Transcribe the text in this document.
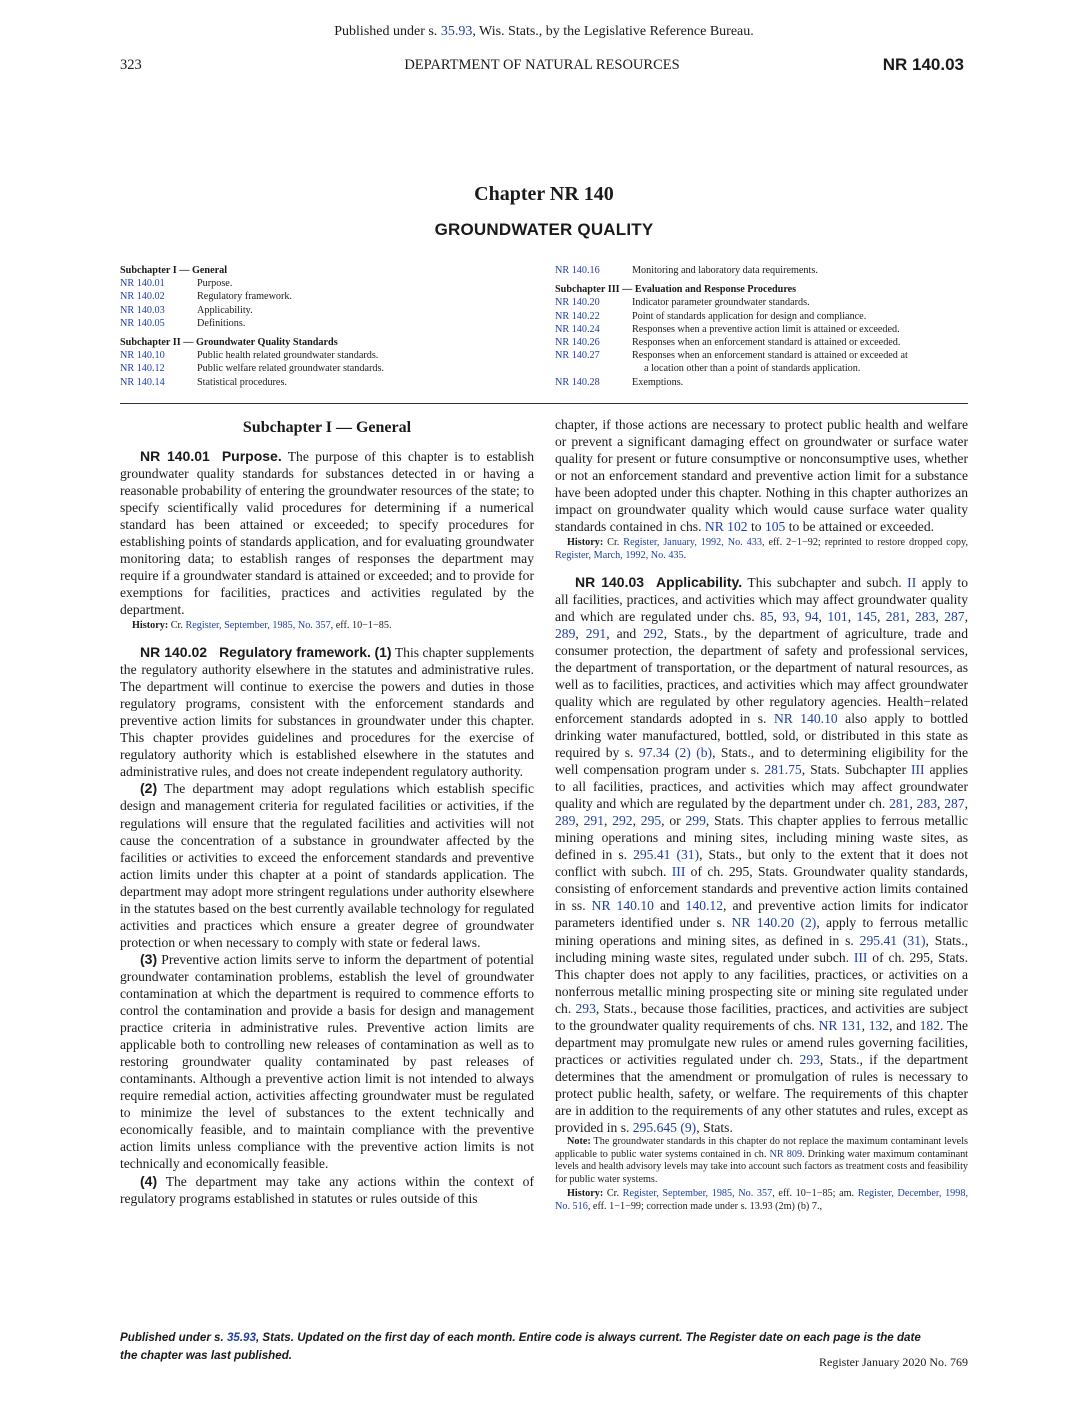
Published under s. 35.93, Wis. Stats., by the Legislative Reference Bureau.
323	DEPARTMENT OF NATURAL RESOURCES	NR 140.03
Chapter NR 140
GROUNDWATER QUALITY
Subchapter I — General
NR 140.01	Purpose.
NR 140.02	Regulatory framework.
NR 140.03	Applicability.
NR 140.05	Definitions.
Subchapter II — Groundwater Quality Standards
NR 140.10	Public health related groundwater standards.
NR 140.12	Public welfare related groundwater standards.
NR 140.14	Statistical procedures.
NR 140.16	Monitoring and laboratory data requirements.
Subchapter III — Evaluation and Response Procedures
NR 140.20	Indicator parameter groundwater standards.
NR 140.22	Point of standards application for design and compliance.
NR 140.24	Responses when a preventive action limit is attained or exceeded.
NR 140.26	Responses when an enforcement standard is attained or exceeded.
NR 140.27	Responses when an enforcement standard is attained or exceeded at
a location other than a point of standards application.
NR 140.28	Exemptions.
Subchapter I — General

NR 140.01 Purpose. The purpose of this chapter is to establish groundwater quality standards for substances detected in or having a reasonable probability of entering the groundwater resources of the state; to specify scientifically valid procedures for determining if a numerical standard has been attained or exceeded; to specify procedures for establishing points of standards application, and for evaluating groundwater monitoring data; to establish ranges of responses the department may require if a groundwater standard is attained or exceeded; and to provide for exemptions for facilities, practices and activities regulated by the department.

History: Cr. Register, September, 1985, No. 357, eff. 10−1−85.

NR 140.02 Regulatory framework. (1) This chapter supplements the regulatory authority elsewhere in the statutes and administrative rules. The department will continue to exercise the powers and duties in those regulatory programs, consistent with the enforcement standards and preventive action limits for substances in groundwater under this chapter. This chapter provides guidelines and procedures for the exercise of regulatory authority which is established elsewhere in the statutes and administrative rules, and does not create independent regulatory authority.

(2) The department may adopt regulations which establish specific design and management criteria for regulated facilities or activities, if the regulations will ensure that the regulated facilities and activities will not cause the concentration of a substance in groundwater affected by the facilities or activities to exceed the enforcement standards and preventive action limits under this chapter at a point of standards application. The department may adopt more stringent regulations under authority elsewhere in the statutes based on the best currently available technology for regulated activities and practices which ensure a greater degree of groundwater protection or when necessary to comply with state or federal laws.

(3) Preventive action limits serve to inform the department of potential groundwater contamination problems, establish the level of groundwater contamination at which the department is required to commence efforts to control the contamination and provide a basis for design and management practice criteria in administrative rules. Preventive action limits are applicable both to controlling new releases of contamination as well as to restoring groundwater quality contaminated by past releases of contaminants. Although a preventive action limit is not intended to always require remedial action, activities affecting groundwater must be regulated to minimize the level of substances to the extent technically and economically feasible, and to maintain compliance with the preventive action limits unless compliance with the preventive action limits is not technically and economically feasible.

(4) The department may take any actions within the context of regulatory programs established in statutes or rules outside of this

chapter, if those actions are necessary to protect public health and welfare or prevent a significant damaging effect on groundwater or surface water quality for present or future consumptive or nonconsumptive uses, whether or not an enforcement standard and preventive action limit for a substance have been adopted under this chapter. Nothing in this chapter authorizes an impact on groundwater quality which would cause surface water quality standards contained in chs. NR 102 to 105 to be attained or exceeded.

History: Cr. Register, January, 1992, No. 433, eff. 2−1−92; reprinted to restore dropped copy, Register, March, 1992, No. 435.

NR 140.03 Applicability. This subchapter and subch. II apply to all facilities, practices, and activities which may affect groundwater quality and which are regulated under chs. 85, 93, 94, 101, 145, 281, 283, 287, 289, 291, and 292, Stats., by the department of agriculture, trade and consumer protection, the department of safety and professional services, the department of transportation, or the department of natural resources, as well as to facilities, practices, and activities which may affect groundwater quality which are regulated by other regulatory agencies. Health−related enforcement standards adopted in s. NR 140.10 also apply to bottled drinking water manufactured, bottled, sold, or distributed in this state as required by s. 97.34 (2) (b), Stats., and to determining eligibility for the well compensation program under s. 281.75, Stats. Subchapter III applies to all facilities, practices, and activities which may affect groundwater quality and which are regulated by the department under ch. 281, 283, 287, 289, 291, 292, 295, or 299, Stats. This chapter applies to ferrous metallic mining operations and mining sites, including mining waste sites, as defined in s. 295.41 (31), Stats., but only to the extent that it does not conflict with subch. III of ch. 295, Stats. Groundwater quality standards, consisting of enforcement standards and preventive action limits contained in ss. NR 140.10 and 140.12, and preventive action limits for indicator parameters identified under s. NR 140.20 (2), apply to ferrous metallic mining operations and mining sites, as defined in s. 295.41 (31), Stats., including mining waste sites, regulated under subch. III of ch. 295, Stats. This chapter does not apply to any facilities, practices, or activities on a nonferrous metallic mining prospecting site or mining site regulated under ch. 293, Stats., because those facilities, practices, and activities are subject to the groundwater quality requirements of chs. NR 131, 132, and 182. The department may promulgate new rules or amend rules governing facilities, practices or activities regulated under ch. 293, Stats., if the department determines that the amendment or promulgation of rules is necessary to protect public health, safety, or welfare. The requirements of this chapter are in addition to the requirements of any other statutes and rules, except as provided in s. 295.645 (9), Stats.

Note: The groundwater standards in this chapter do not replace the maximum contaminant levels applicable to public water systems contained in ch. NR 809. Drinking water maximum contaminant levels and health advisory levels may take into account such factors as treatment costs and feasibility for public water systems.

History: Cr. Register, September, 1985, No. 357, eff. 10−1−85; am. Register, December, 1998, No. 516, eff. 1−1−99; correction made under s. 13.93 (2m) (b) 7.,

Published under s. 35.93, Stats. Updated on the first day of each month. Entire code is always current. The Register date on each page is the date the chapter was last published.	Register January 2020 No. 769
